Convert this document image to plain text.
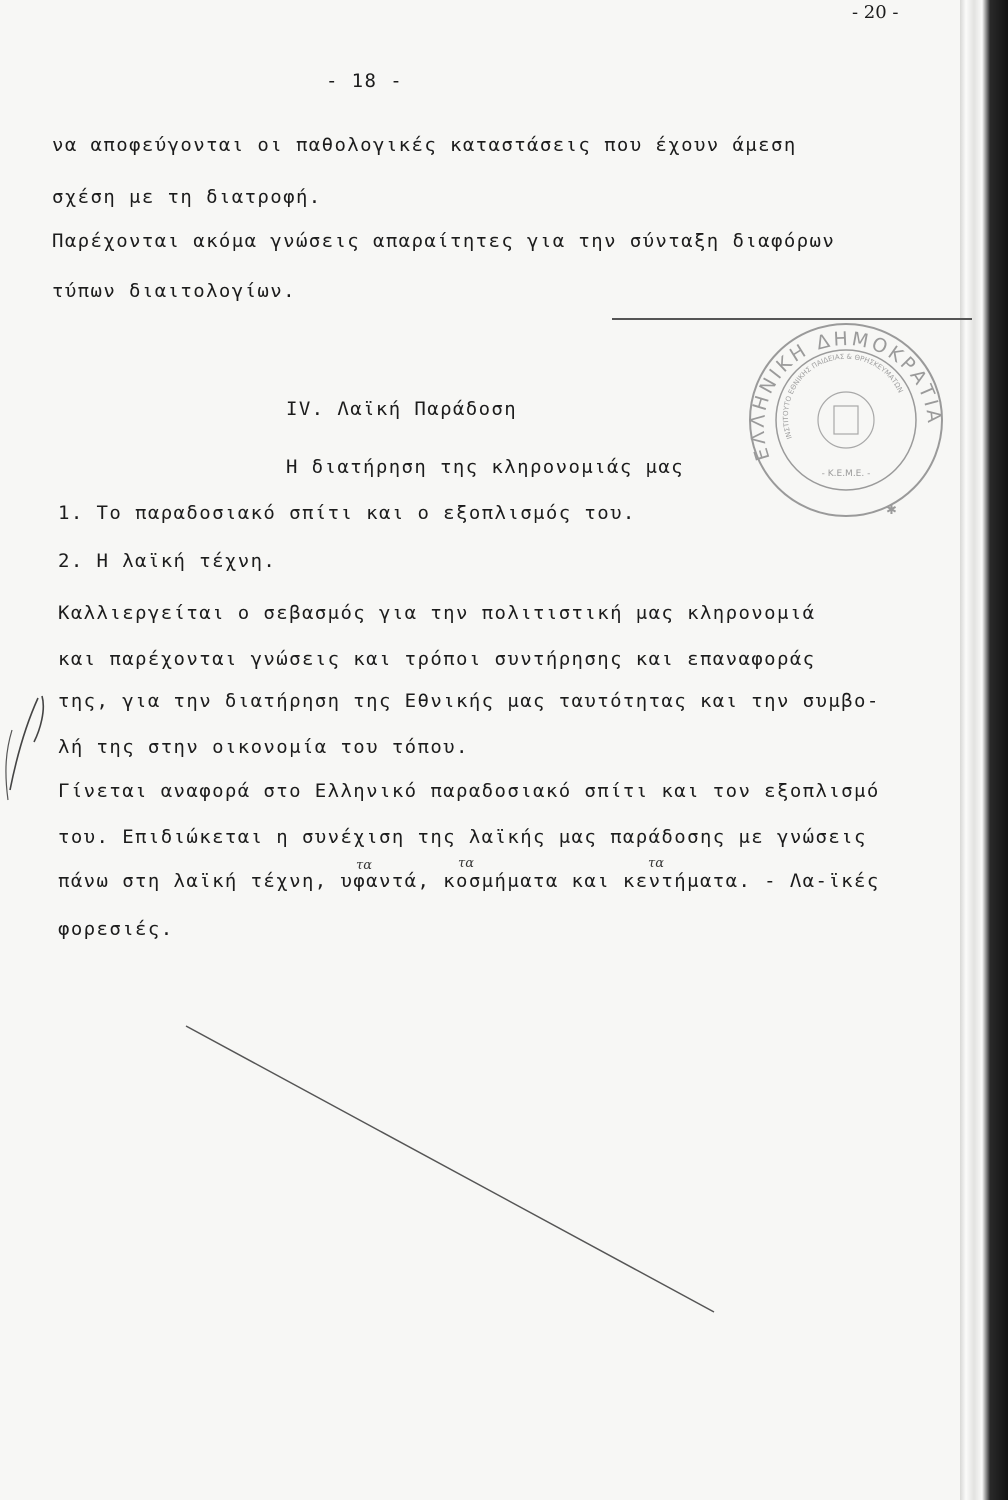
- 20 -
- 18 -
να αποφεύγονται οι παθολογικές καταστάσεις που έχουν άμεση
σχέση με τη διατροφή.
Παρέχονται ακόμα γνώσεις απαραίτητες για την σύνταξη διαφόρων
τύπων διαιτολογίων.
IV. Λαϊκή Παράδοση
Η διατήρηση της κληρονομιάς μας
1. Το παραδοσιακό σπίτι και ο εξοπλισμός του.
2. Η λαϊκή τέχνη.
Καλλιεργείται ο σεβασμός για την πολιτιστική μας κληρονομιά
και παρέχονται γνώσεις και τρόποι συντήρησης και επαναφοράς
της, για την διατήρηση της Εθνικής μας ταυτότητας και την συμβο-
λή της στην οικονομία του τόπου.
Γίνεται αναφορά στο Ελληνικό παραδοσιακό σπίτι και τον εξοπλισμό
του. Επιδιώκεται η συνέχιση της λαϊκής μας παράδοσης με γνώσεις
πάνω στη λαϊκή τέχνη, υφαντά, κοσμήματα και κεντήματα. - Λα-ϊκές
φορεσιές.
τα	τα	τα
ΕΛΛΗΝΙΚΗ ΔΗΜΟΚΡΑΤΙΑ
ΙΝΣΤΙΤΟΥΤΟ ΕΘΝΙΚΗΣ ΠΑΙΔΕΙΑΣ & ΘΡΗΣΚΕΥΜΑΤΩΝ
- Κ.Ε.Μ.Ε. -
✱
